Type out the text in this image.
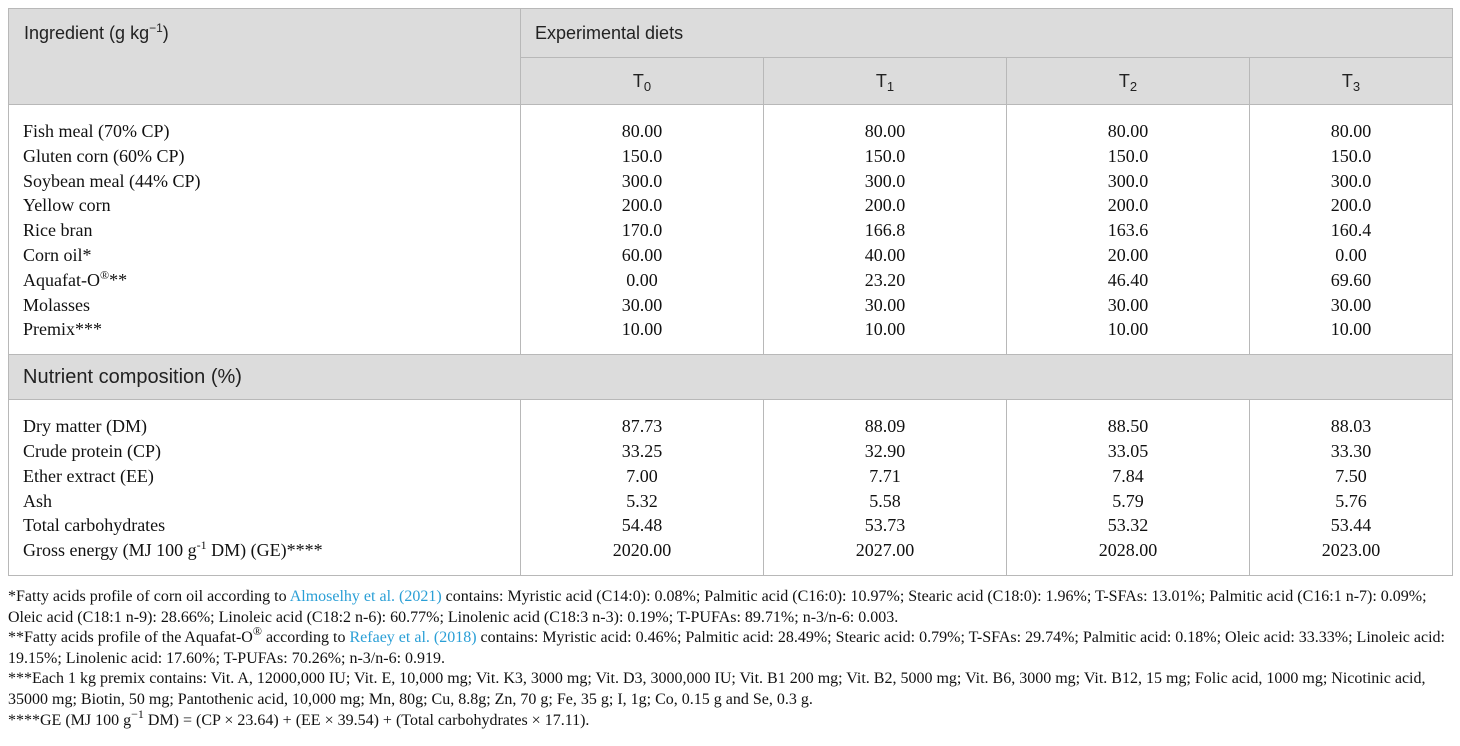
Ingredient (g $kg^{-1}$)	Experimental diets			
	$T_0$	$T_1$	$T_2$	$T_3$
Fish meal (70% CP)	80.00	80.00	80.00	80.00
Gluten corn (60% CP)	150.0	150.0	150.0	150.0
Soybean meal (44% CP)	300.0	300.0	300.0	300.0
Yellow corn	200.0	200.0	200.0	200.0
Rice bran	170.0	166.8	163.6	160.4
Corn oil*	60.00	40.00	20.00	0.00
Aquafat-O®**	0.00	23.20	46.40	69.60
Molasses	30.00	30.00	30.00	30.00
Premix***	10.00	10.00	10.00	10.00
Nutrient composition (%)				
Dry matter (DM)	87.73	88.09	88.50	88.03
Crude protein (CP)	33.25	32.90	33.05	33.30
Ether extract (EE)	7.00	7.71	7.84	7.50
Ash	5.32	5.58	5.79	5.76
Total carbohydrates	54.48	53.73	53.32	53.44
Gross energy (MJ 100 $g^{-1}$ DM) (GE)****	2020.00	2027.00	2028.00	2023.00

*Fatty acids profile of corn oil according to Almoselhy et al. (2021) contains: Myristic acid (C14:0): 0.08%; Palmitic acid (C16:0): 10.97%; Stearic acid (C18:0): 1.96%; T-SFAs: 13.01%; Palmitic acid (C16:1 n-7): 0.09%; Oleic acid (C18:1 n-9): 28.66%; Linoleic acid (C18:2 n-6): 60.77%; Linolenic acid (C18:3 n-3): 0.19%; T-PUFAs: 89.71%; n-3/n-6: 0.003.

**Fatty acids profile of the Aquafat-O® according to Refaey et al. (2018) contains: Myristic acid: 0.46%; Palmitic acid: 28.49%; Stearic acid: 0.79%; T-SFAs: 29.74%; Palmitic acid: 0.18%; Oleic acid: 33.33%; Linoleic acid: 19.15%; Linolenic acid: 17.60%; T-PUFAs: 70.26%; n-3/n-6: 0.919.

***Each 1 kg premix contains: Vit. A, 12000,000 IU; Vit. E, 10,000 mg; Vit. K3, 3000 mg; Vit. D3, 3000,000 IU; Vit. B1 200 mg; Vit. B2, 5000 mg; Vit. B6, 3000 mg; Vit. B12, 15 mg; Folic acid, 1000 mg; Nicotinic acid, 35000 mg; Biotin, 50 mg; Pantothenic acid, 10,000 mg; Mn, 80g; Cu, 8.8g; Zn, 70 g; Fe, 35 g; I, 1g; Co, 0.15 g and Se, 0.3 g.

****GE (MJ 100 $g^{-1}$ DM) = (CP × 23.64) + (EE × 39.54) + (Total carbohydrates × 17.11).
